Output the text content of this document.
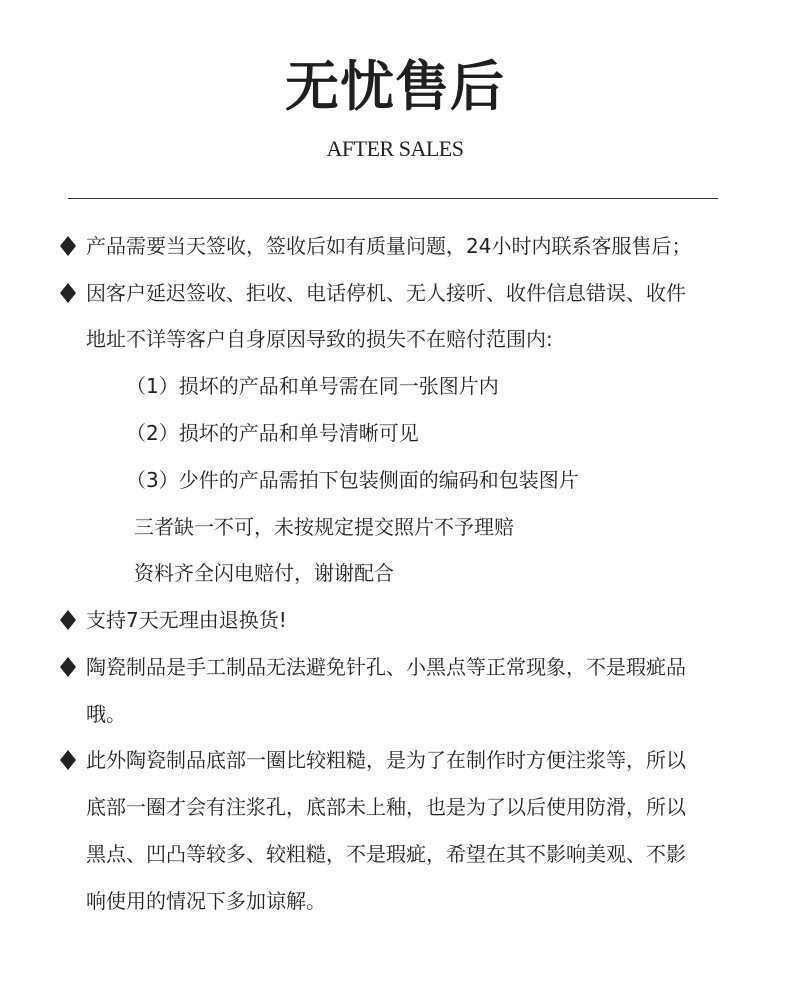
无忧售后
AFTER SALES
产品需要当天签收，签收后如有质量问题，24小时内联系客服售后；
因客户延迟签收、拒收、电话停机、无人接听、收件信息错误、收件
地址不详等客户自身原因导致的损失不在赔付范围内:
（1）损坏的产品和单号需在同一张图片内
（2）损坏的产品和单号清晰可见
（3）少件的产品需拍下包装侧面的编码和包装图片
三者缺一不可，未按规定提交照片不予理赔
资料齐全闪电赔付，谢谢配合
支持7天无理由退换货!
陶瓷制品是手工制品无法避免针孔、小黑点等正常现象，不是瑕疵品
哦。
此外陶瓷制品底部一圈比较粗糙，是为了在制作时方便注浆等，所以
底部一圈才会有注浆孔，底部未上釉，也是为了以后使用防滑，所以
黑点、凹凸等较多、较粗糙，不是瑕疵，希望在其不影响美观、不影
响使用的情况下多加谅解。
